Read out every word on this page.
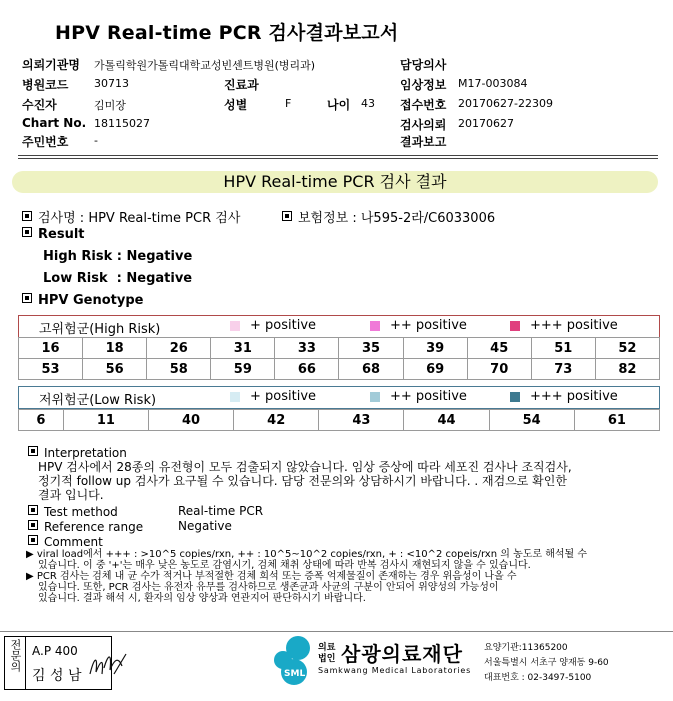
HPV Real-time PCR 검사결과보고서
의뢰기관명 가톨릭학원가톨릭대학교성빈센트병원(병리과)
병원코드 30713
수진자	김미장
Chart No. 18115027
주민번호 -
진료과
성별	F	나이 43
담당의사
임상정보 M17-003084
접수번호 20170627-22309
검사의뢰 20170627
결과보고
HPV Real-time PCR 검사 결과
검사명 : HPV Real-time PCR 검사	보험정보 : 나595-2라/C6033006
Result
High Risk : Negative
Low Risk  : Negative
HPV Genotype
고위험군(High Risk)	+ positive	++ positive	+++ positive
16	18	26	31	33	35	39	45	51	52
53	56	58	59	66	68	69	70	73	82
저위험군(Low Risk)	+ positive	++ positive	+++ positive
6	11	40	42	43	44	54	61
Interpretation
HPV 검사에서 28종의 유전형이 모두 검출되지 않았습니다. 임상 증상에 따라 세포진 검사나 조직검사,
정기적 follow up 검사가 요구될 수 있습니다. 담당 전문의와 상담하시기 바랍니다. . 재검으로 확인한
결과 입니다.
Test method	Real-time PCR
Reference range	Negative
Comment
▶ viral load에서 +++ : >10^5 copies/rxn, ++ : 10^5~10^2 copies/rxn, + : <10^2 copeis/rxn 의 농도로 해석될 수
있습니다. 이 중 '+'는 매우 낮은 농도로 감염시기, 검체 채취 상태에 따라 반복 검사시 재현되지 않을 수 있습니다.
▶ PCR 검사는 검체 내 균 수가 적거나 부적절한 검체 희석 또는 증폭 억제물질이 존재하는 경우 위음성이 나올 수
있습니다. 또한, PCR 검사는 유전자 유무를 검사하므로 생존균과 사균의 구분이 안되어 위양성의 가능성이
있습니다. 결과 해석 시, 환자의 임상 양상과 연관지어 판단하시기 바랍니다.
전문의 A.P 400
김 성 남	SML
의료
법인 삼광의료재단
Samkwang Medical Laboratories
요양기관:11365200
서울특별시 서초구 양재동 9-60
대표번호 : 02-3497-5100
